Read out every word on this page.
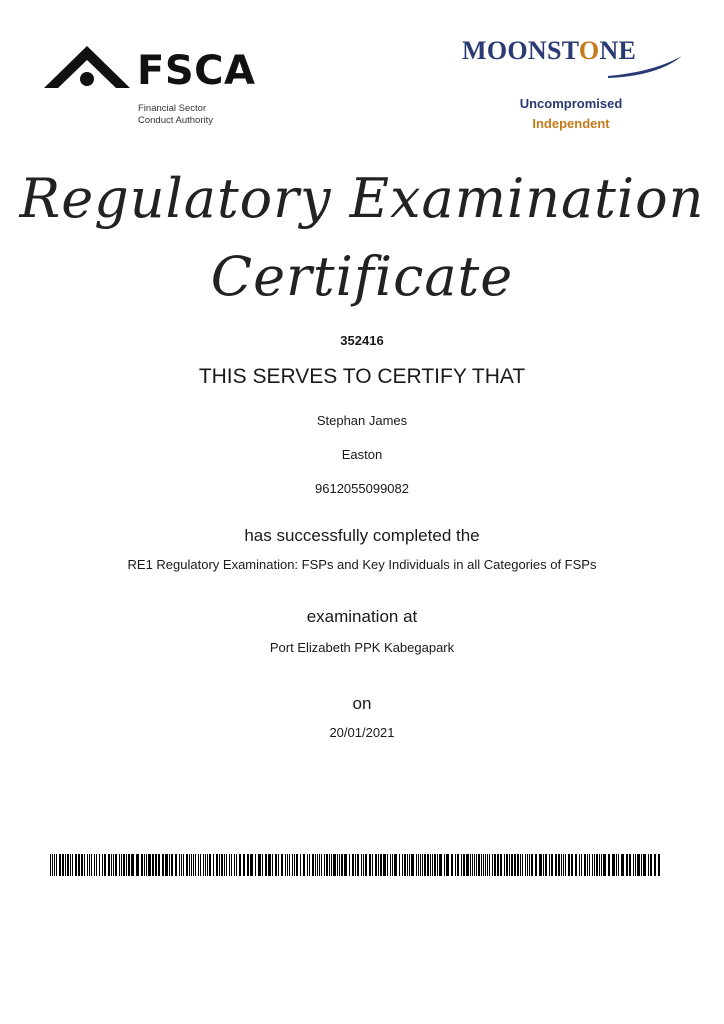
FSCA
Financial Sector
Conduct Authority
MOONSTONE
Uncompromised
Independent
Regulatory Examination
Certificate
352416
THIS SERVES TO CERTIFY THAT
Stephan James
Easton
9612055099082
has successfully completed the
RE1 Regulatory Examination: FSPs and Key Individuals in all Categories of FSPs
examination at
Port Elizabeth PPK Kabegapark
on
20/01/2021
